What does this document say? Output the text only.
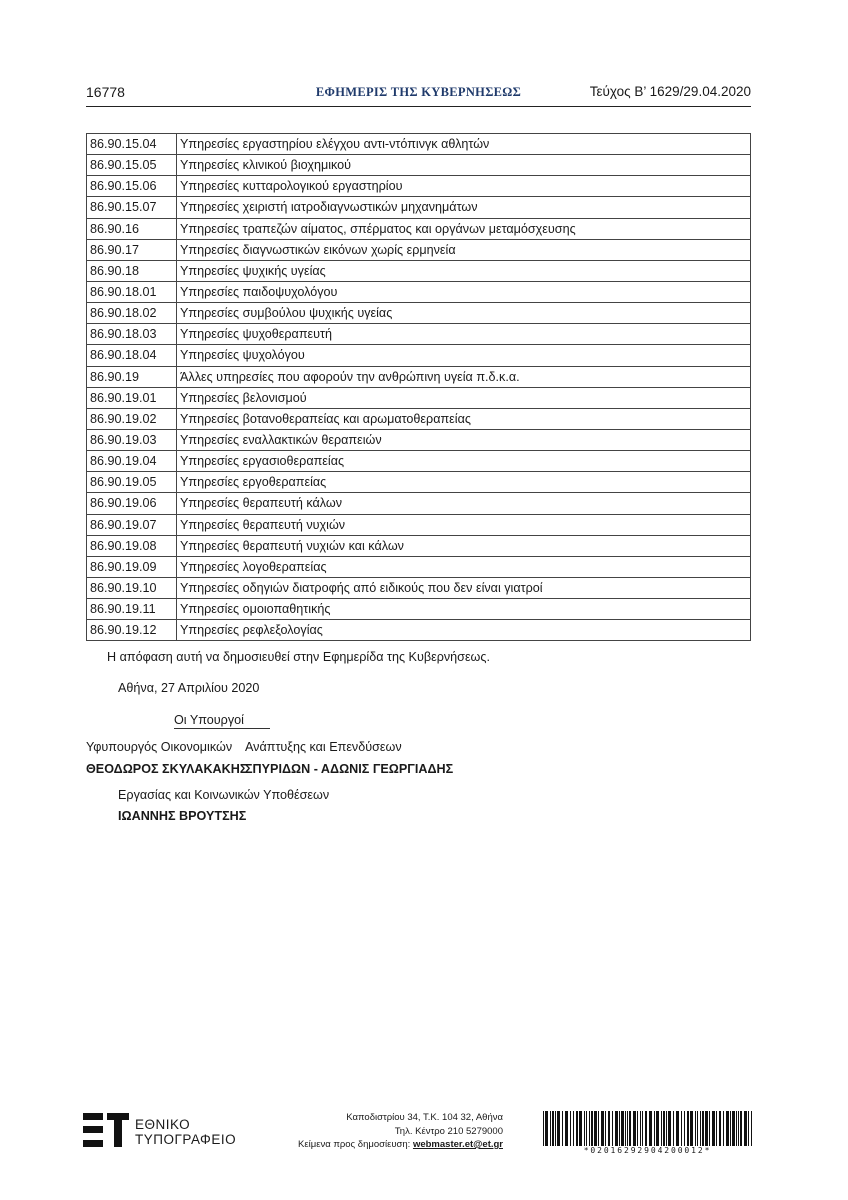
16778	ΕΦΗΜΕΡΙΣ ΤΗΣ ΚΥΒΕΡΝΗΣΕΩΣ	Τεύχος Β’ 1629/29.04.2020
86.90.15.04	Υπηρεσίες εργαστηρίου ελέγχου αντι-ντόπινγκ αθλητών
86.90.15.05	Υπηρεσίες κλινικού βιοχημικού
86.90.15.06	Υπηρεσίες κυτταρολογικού εργαστηρίου
86.90.15.07	Υπηρεσίες χειριστή ιατροδιαγνωστικών μηχανημάτων
86.90.16	Υπηρεσίες τραπεζών αίματος, σπέρματος και οργάνων μεταμόσχευσης
86.90.17	Υπηρεσίες διαγνωστικών εικόνων χωρίς ερμηνεία
86.90.18	Υπηρεσίες ψυχικής υγείας
86.90.18.01	Υπηρεσίες παιδοψυχολόγου
86.90.18.02	Υπηρεσίες συμβούλου ψυχικής υγείας
86.90.18.03	Υπηρεσίες ψυχοθεραπευτή
86.90.18.04	Υπηρεσίες ψυχολόγου
86.90.19	Άλλες υπηρεσίες που αφορούν την ανθρώπινη υγεία π.δ.κ.α.
86.90.19.01	Υπηρεσίες βελονισμού
86.90.19.02	Υπηρεσίες βοτανοθεραπείας και αρωματοθεραπείας
86.90.19.03	Υπηρεσίες εναλλακτικών θεραπειών
86.90.19.04	Υπηρεσίες εργασιοθεραπείας
86.90.19.05	Υπηρεσίες εργοθεραπείας
86.90.19.06	Υπηρεσίες θεραπευτή κάλων
86.90.19.07	Υπηρεσίες θεραπευτή νυχιών
86.90.19.08	Υπηρεσίες θεραπευτή νυχιών και κάλων
86.90.19.09	Υπηρεσίες λογοθεραπείας
86.90.19.10	Υπηρεσίες οδηγιών διατροφής από ειδικούς που δεν είναι γιατροί
86.90.19.11	Υπηρεσίες ομοιοπαθητικής
86.90.19.12	Υπηρεσίες ρεφλεξολογίας
Η απόφαση αυτή να δημοσιευθεί στην Εφημερίδα της Κυβερνήσεως.
Αθήνα, 27 Απριλίου 2020
Οι Υπουργοί
Υφυπουργός Οικονομικών Ανάπτυξης και Επενδύσεων
ΘΕΟΔΩΡΟΣ ΣΚΥΛΑΚΑΚΗΣ
ΣΠΥΡΙΔΩΝ - ΑΔΩΝΙΣ ΓΕΩΡΓΙΑΔΗΣ
Εργασίας και Κοινωνικών Υποθέσεων
ΙΩΑΝΝΗΣ ΒΡΟΥΤΣΗΣ
ΕΘΝΙΚΟ
ΤΥΠΟΓΡΑΦΕΙΟ
Καποδιστρίου 34, Τ.Κ. 104 32, Αθήνα
Τηλ. Κέντρο 210 5279000
Κείμενα προς δημοσίευση: webmaster.et@et.gr
*02016292904200012*
